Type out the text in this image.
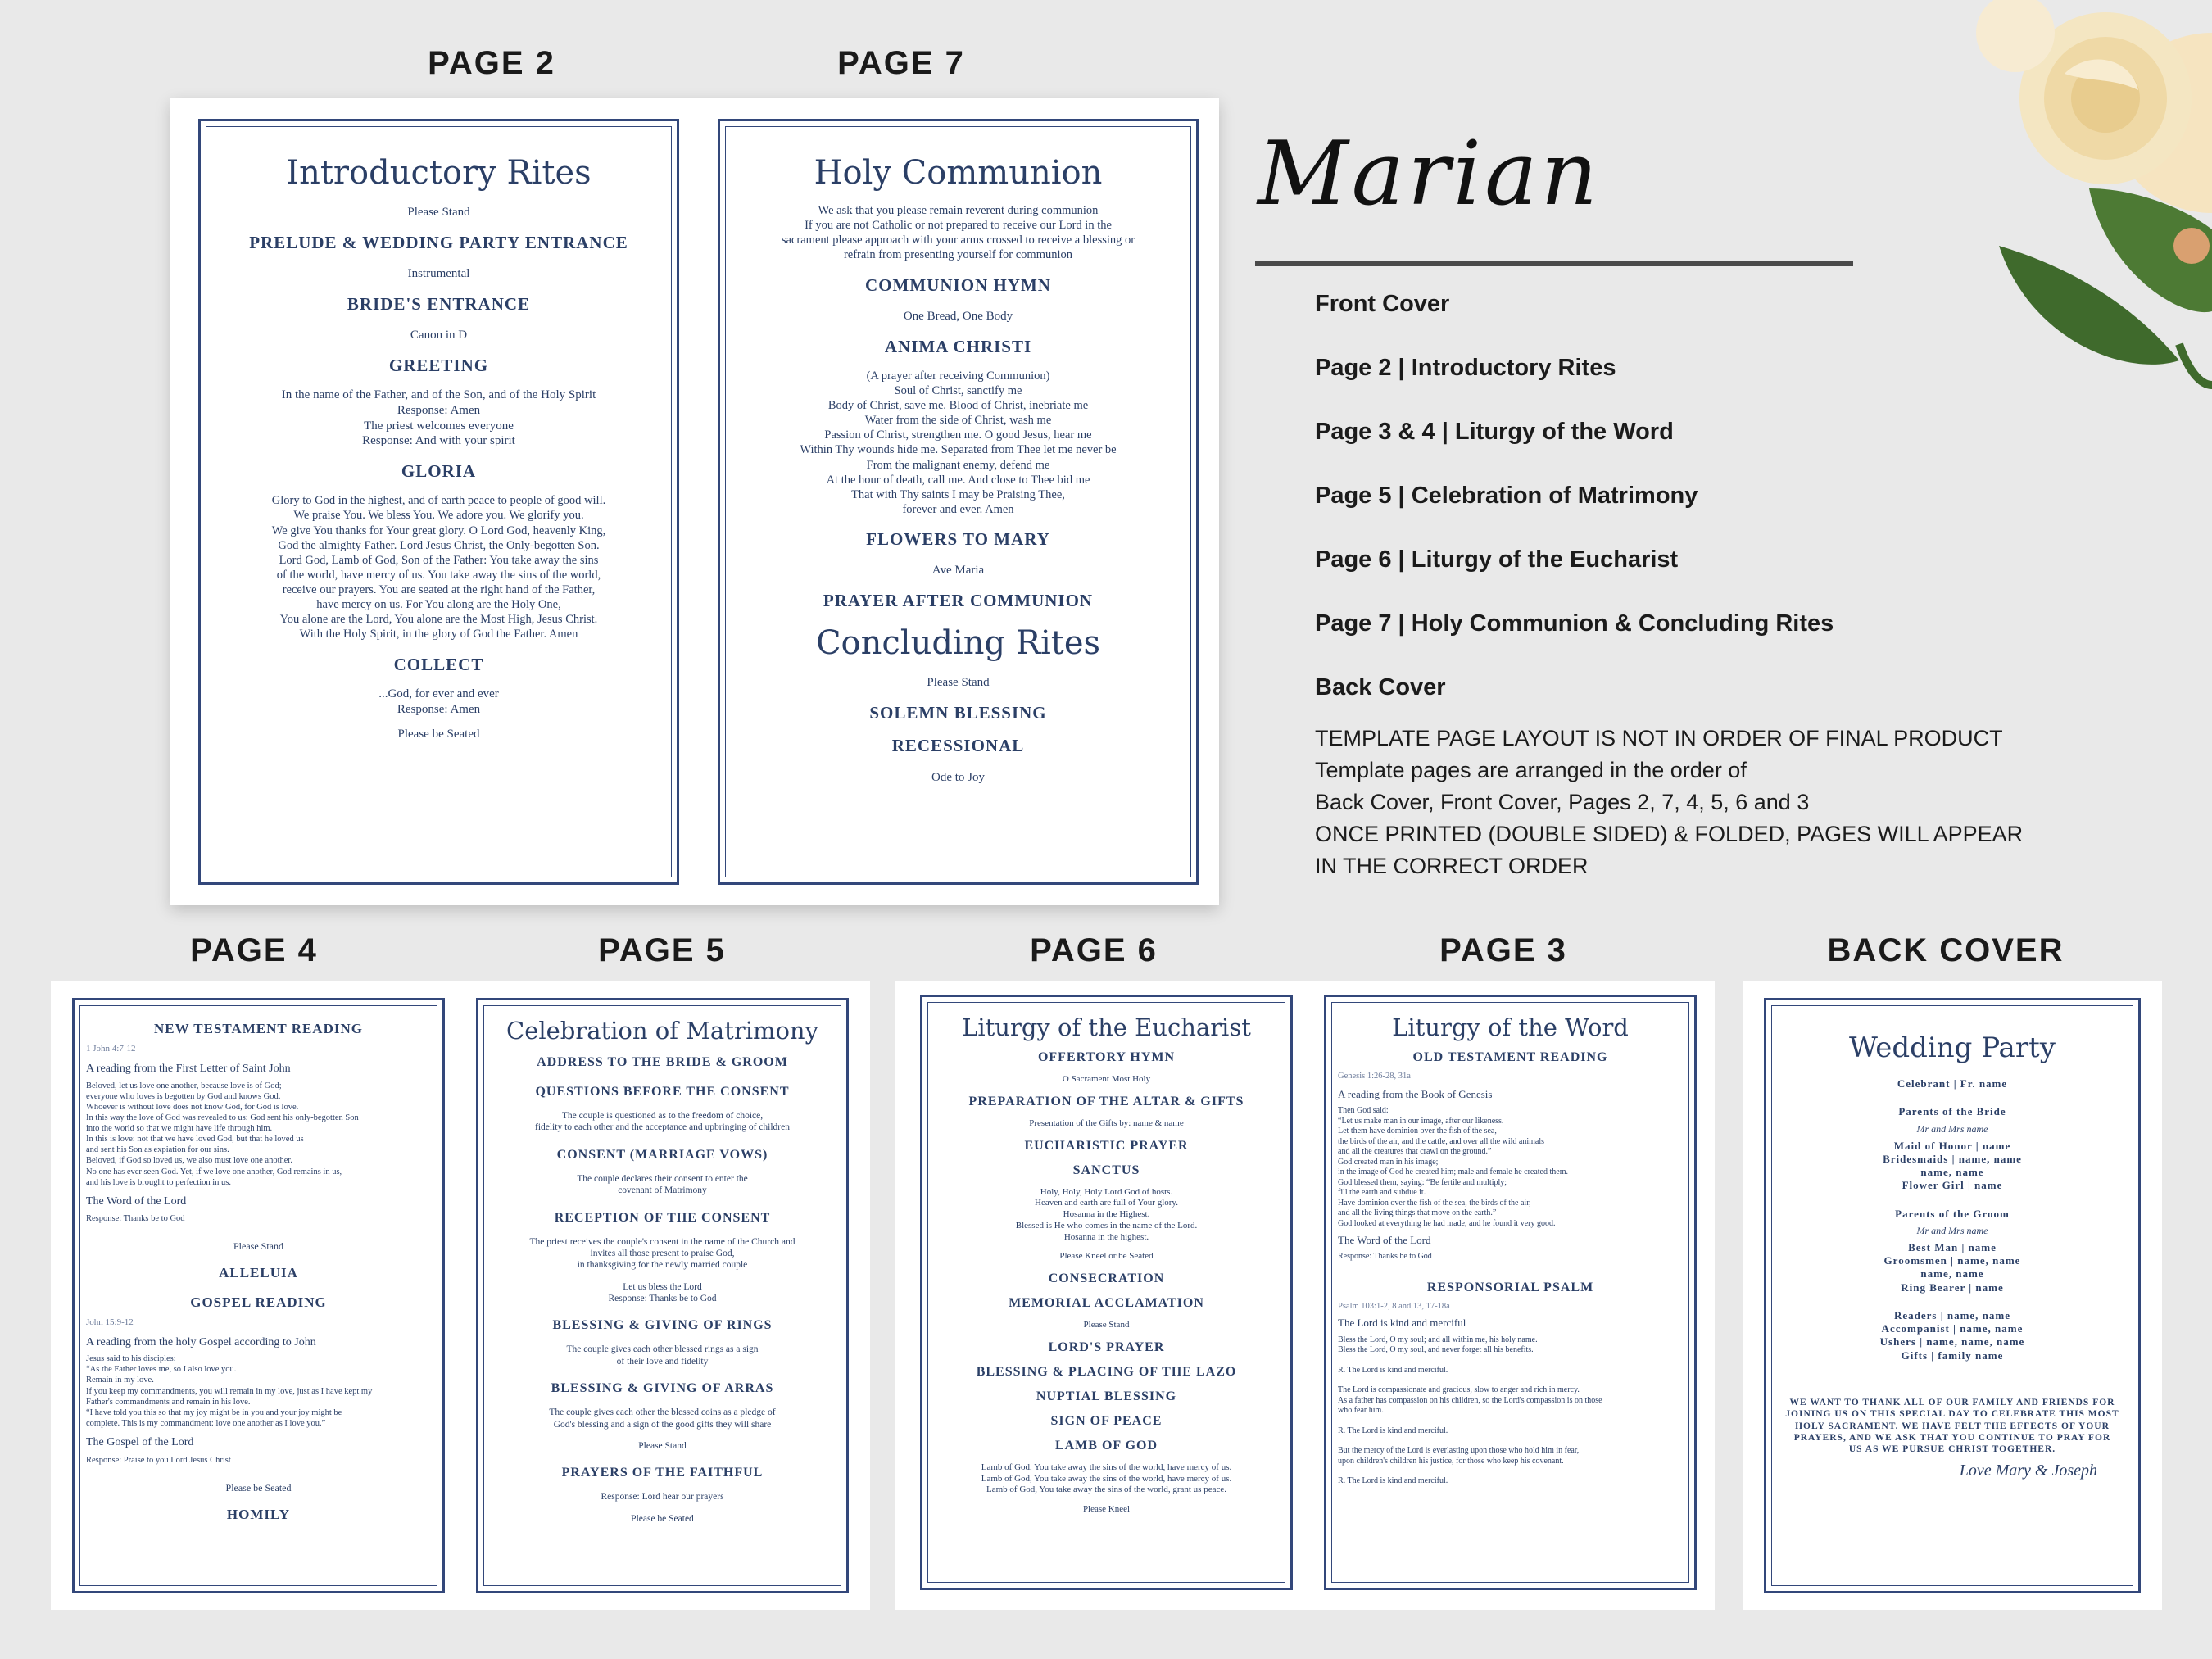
PAGE 2	PAGE 7
Introductory Rites
Please Stand
PRELUDE & WEDDING PARTY ENTRANCE
Instrumental
BRIDE'S ENTRANCE
Canon in D
GREETING
In the name of the Father, and of the Son, and of the Holy Spirit
Response: Amen
The priest welcomes everyone
Response: And with your spirit
GLORIA
Glory to God in the highest, and of earth peace to people of good will.
We praise You. We bless You. We adore you. We glorify you.
We give You thanks for Your great glory. O Lord God, heavenly King,
God the almighty Father. Lord Jesus Christ, the Only-begotten Son.
Lord God, Lamb of God, Son of the Father: You take away the sins
of the world, have mercy of us. You take away the sins of the world,
receive our prayers. You are seated at the right hand of the Father,
have mercy on us. For You along are the Holy One,
You alone are the Lord, You alone are the Most High, Jesus Christ.
With the Holy Spirit, in the glory of God the Father. Amen
COLLECT
...God, for ever and ever
Response: Amen
Please be Seated
Holy Communion
We ask that you please remain reverent during communion
If you are not Catholic or not prepared to receive our Lord in the
sacrament please approach with your arms crossed to receive a blessing or
refrain from presenting yourself for communion
COMMUNION HYMN
One Bread, One Body
ANIMA CHRISTI
(A prayer after receiving Communion)
Soul of Christ, sanctify me
Body of Christ, save me. Blood of Christ, inebriate me
Water from the side of Christ, wash me
Passion of Christ, strengthen me. O good Jesus, hear me
Within Thy wounds hide me. Separated from Thee let me never be
From the malignant enemy, defend me
At the hour of death, call me. And close to Thee bid me
That with Thy saints I may be Praising Thee,
forever and ever. Amen
FLOWERS TO MARY
Ave Maria
PRAYER AFTER COMMUNION
Concluding Rites
Please Stand
SOLEMN BLESSING
RECESSIONAL
Ode to Joy
Marian
Front Cover
Page 2 | Introductory Rites
Page 3 & 4 | Liturgy of the Word
Page 5 | Celebration of Matrimony
Page 6 | Liturgy of the Eucharist
Page 7 | Holy Communion & Concluding Rites
Back Cover
TEMPLATE PAGE LAYOUT IS NOT IN ORDER OF FINAL PRODUCT
Template pages are arranged in the order of
Back Cover, Front Cover, Pages 2, 7, 4, 5, 6 and 3
ONCE PRINTED (DOUBLE SIDED) & FOLDED, PAGES WILL APPEAR
IN THE CORRECT ORDER
PAGE 4	PAGE 5	PAGE 6	PAGE 3	BACK COVER
NEW TESTAMENT READING
1 John 4:7-12
A reading from the First Letter of Saint John
Beloved, let us love one another, because love is of God;
everyone who loves is begotten by God and knows God.
Whoever is without love does not know God, for God is love.
In this way the love of God was revealed to us: God sent his only-begotten Son
into the world so that we might have life through him.
In this is love: not that we have loved God, but that he loved us
and sent his Son as expiation for our sins.
Beloved, if God so loved us, we also must love one another.
No one has ever seen God. Yet, if we love one another, God remains in us,
and his love is brought to perfection in us.
The Word of the Lord
Response: Thanks be to God
Please Stand
ALLELUIA
GOSPEL READING
John 15:9-12
A reading from the holy Gospel according to John
Jesus said to his disciples:
“As the Father loves me, so I also love you.
Remain in my love.
If you keep my commandments, you will remain in my love, just as I have kept my
Father's commandments and remain in his love.
“I have told you this so that my joy might be in you and your joy might be
complete. This is my commandment: love one another as I love you.”
The Gospel of the Lord
Response: Praise to you Lord Jesus Christ
Please be Seated
HOMILY
Celebration of Matrimony
ADDRESS TO THE BRIDE & GROOM
QUESTIONS BEFORE THE CONSENT
The couple is questioned as to the freedom of choice,
fidelity to each other and the acceptance and upbringing of children
CONSENT (MARRIAGE VOWS)
The couple declares their consent to enter the
covenant of Matrimony
RECEPTION OF THE CONSENT
The priest receives the couple's consent in the name of the Church and
invites all those present to praise God,
in thanksgiving for the newly married couple
Let us bless the Lord
Response: Thanks be to God
BLESSING & GIVING OF RINGS
The couple gives each other blessed rings as a sign
of their love and fidelity
BLESSING & GIVING OF ARRAS
The couple gives each other the blessed coins as a pledge of
God's blessing and a sign of the good gifts they will share
Please Stand
PRAYERS OF THE FAITHFUL
Response: Lord hear our prayers
Please be Seated
Liturgy of the Eucharist
OFFERTORY HYMN
O Sacrament Most Holy
PREPARATION OF THE ALTAR & GIFTS
Presentation of the Gifts by: name & name
EUCHARISTIC PRAYER
SANCTUS
Holy, Holy, Holy Lord God of hosts.
Heaven and earth are full of Your glory.
Hosanna in the Highest.
Blessed is He who comes in the name of the Lord.
Hosanna in the highest.
Please Kneel or be Seated
CONSECRATION
MEMORIAL ACCLAMATION
Please Stand
LORD'S PRAYER
BLESSING & PLACING OF THE LAZO
NUPTIAL BLESSING
SIGN OF PEACE
LAMB OF GOD
Lamb of God, You take away the sins of the world, have mercy of us.
Lamb of God, You take away the sins of the world, have mercy of us.
Lamb of God, You take away the sins of the world, grant us peace.
Please Kneel
Liturgy of the Word
OLD TESTAMENT READING
Genesis 1:26-28, 31a
A reading from the Book of Genesis
Then God said:
“Let us make man in our image, after our likeness.
Let them have dominion over the fish of the sea,
the birds of the air, and the cattle, and over all the wild animals
and all the creatures that crawl on the ground.”
God created man in his image;
in the image of God he created him; male and female he created them.
God blessed them, saying: “Be fertile and multiply;
fill the earth and subdue it.
Have dominion over the fish of the sea, the birds of the air,
and all the living things that move on the earth.”
God looked at everything he had made, and he found it very good.
The Word of the Lord
Response: Thanks be to God
RESPONSORIAL PSALM
Psalm 103:1-2, 8 and 13, 17-18a
The Lord is kind and merciful
Bless the Lord, O my soul; and all within me, his holy name.
Bless the Lord, O my soul, and never forget all his benefits.
R. The Lord is kind and merciful.
The Lord is compassionate and gracious, slow to anger and rich in mercy.
As a father has compassion on his children, so the Lord's compassion is on those
who fear him.
R. The Lord is kind and merciful.
But the mercy of the Lord is everlasting upon those who hold him in fear,
upon children's children his justice, for those who keep his covenant.
R. The Lord is kind and merciful.
Wedding Party
Celebrant | Fr. name
Parents of the Bride
Mr and Mrs name
Maid of Honor | name
Bridesmaids | name, name
name, name
Flower Girl | name
Parents of the Groom
Mr and Mrs name
Best Man | name
Groomsmen | name, name
name, name
Ring Bearer | name
Readers | name, name
Accompanist | name, name
Ushers | name, name, name
Gifts | family name
WE WANT TO THANK ALL OF OUR FAMILY AND FRIENDS FOR
JOINING US ON THIS SPECIAL DAY TO CELEBRATE THIS MOST
HOLY SACRAMENT. WE HAVE FELT THE EFFECTS OF YOUR
PRAYERS, AND WE ASK THAT YOU CONTINUE TO PRAY FOR
US AS WE PURSUE CHRIST TOGETHER.
Love Mary & Joseph
